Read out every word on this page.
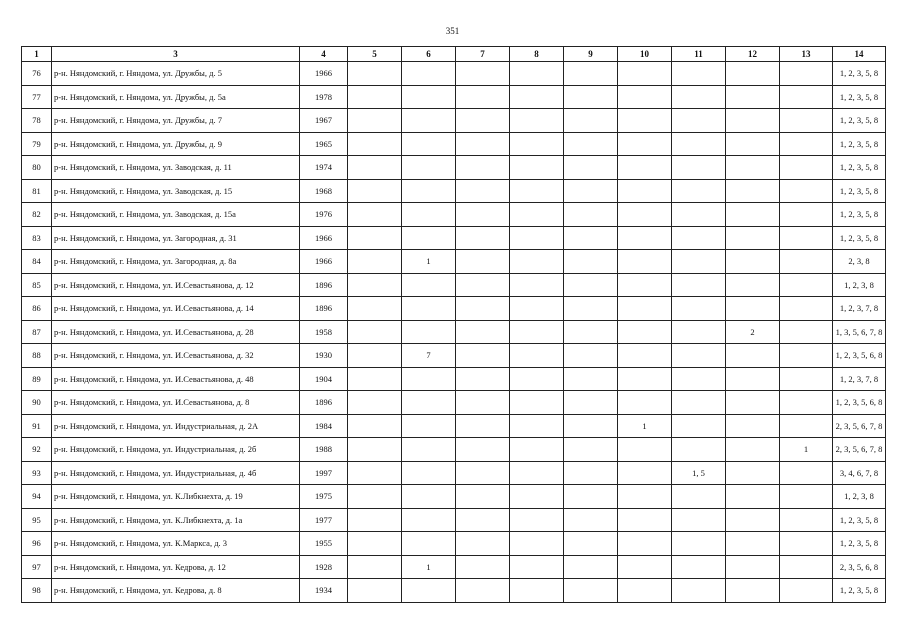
351
1	3	4	5	6	7	8	9	10	11	12	13	14
76	р-н. Няндомский, г. Няндома, ул. Дружбы, д. 5	1966										1, 2, 3, 5, 8
77	р-н. Няндомский, г. Няндома, ул. Дружбы, д. 5а	1978										1, 2, 3, 5, 8
78	р-н. Няндомский, г. Няндома, ул. Дружбы, д. 7	1967										1, 2, 3, 5, 8
79	р-н. Няндомский, г. Няндома, ул. Дружбы, д. 9	1965										1, 2, 3, 5, 8
80	р-н. Няндомский, г. Няндома, ул. Заводская, д. 11	1974										1, 2, 3, 5, 8
81	р-н. Няндомский, г. Няндома, ул. Заводская, д. 15	1968										1, 2, 3, 5, 8
82	р-н. Няндомский, г. Няндома, ул. Заводская, д. 15а	1976										1, 2, 3, 5, 8
83	р-н. Няндомский, г. Няндома, ул. Загородная, д. 31	1966										1, 2, 3, 5, 8
84	р-н. Няндомский, г. Няндома, ул. Загородная, д. 8а	1966		1								2, 3, 8
85	р-н. Няндомский, г. Няндома, ул. И.Севастьянова, д. 12	1896										1, 2, 3, 8
86	р-н. Няндомский, г. Няндома, ул. И.Севастьянова, д. 14	1896										1, 2, 3, 7, 8
87	р-н. Няндомский, г. Няндома, ул. И.Севастьянова, д. 28	1958								2		1, 3, 5, 6, 7, 8
88	р-н. Няндомский, г. Няндома, ул. И.Севастьянова, д. 32	1930		7								1, 2, 3, 5, 6, 8
89	р-н. Няндомский, г. Няндома, ул. И.Севастьянова, д. 48	1904										1, 2, 3, 7, 8
90	р-н. Няндомский, г. Няндома, ул. И.Севастьянова, д. 8	1896										1, 2, 3, 5, 6, 8
91	р-н. Няндомский, г. Няндома, ул. Индустриальная, д. 2А	1984						1				2, 3, 5, 6, 7, 8
92	р-н. Няндомский, г. Няндома, ул. Индустриальная, д. 2б	1988									1	2, 3, 5, 6, 7, 8
93	р-н. Няндомский, г. Няндома, ул. Индустриальная, д. 4б	1997							1, 5			3, 4, 6, 7, 8
94	р-н. Няндомский, г. Няндома, ул. К.Либкнехта, д. 19	1975										1, 2, 3, 8
95	р-н. Няндомский, г. Няндома, ул. К.Либкнехта, д. 1а	1977										1, 2, 3, 5, 8
96	р-н. Няндомский, г. Няндома, ул. К.Маркса, д. 3	1955										1, 2, 3, 5, 8
97	р-н. Няндомский, г. Няндома, ул. Кедрова, д. 12	1928		1								2, 3, 5, 6, 8
98	р-н. Няндомский, г. Няндома, ул. Кедрова, д. 8	1934										1, 2, 3, 5, 8
